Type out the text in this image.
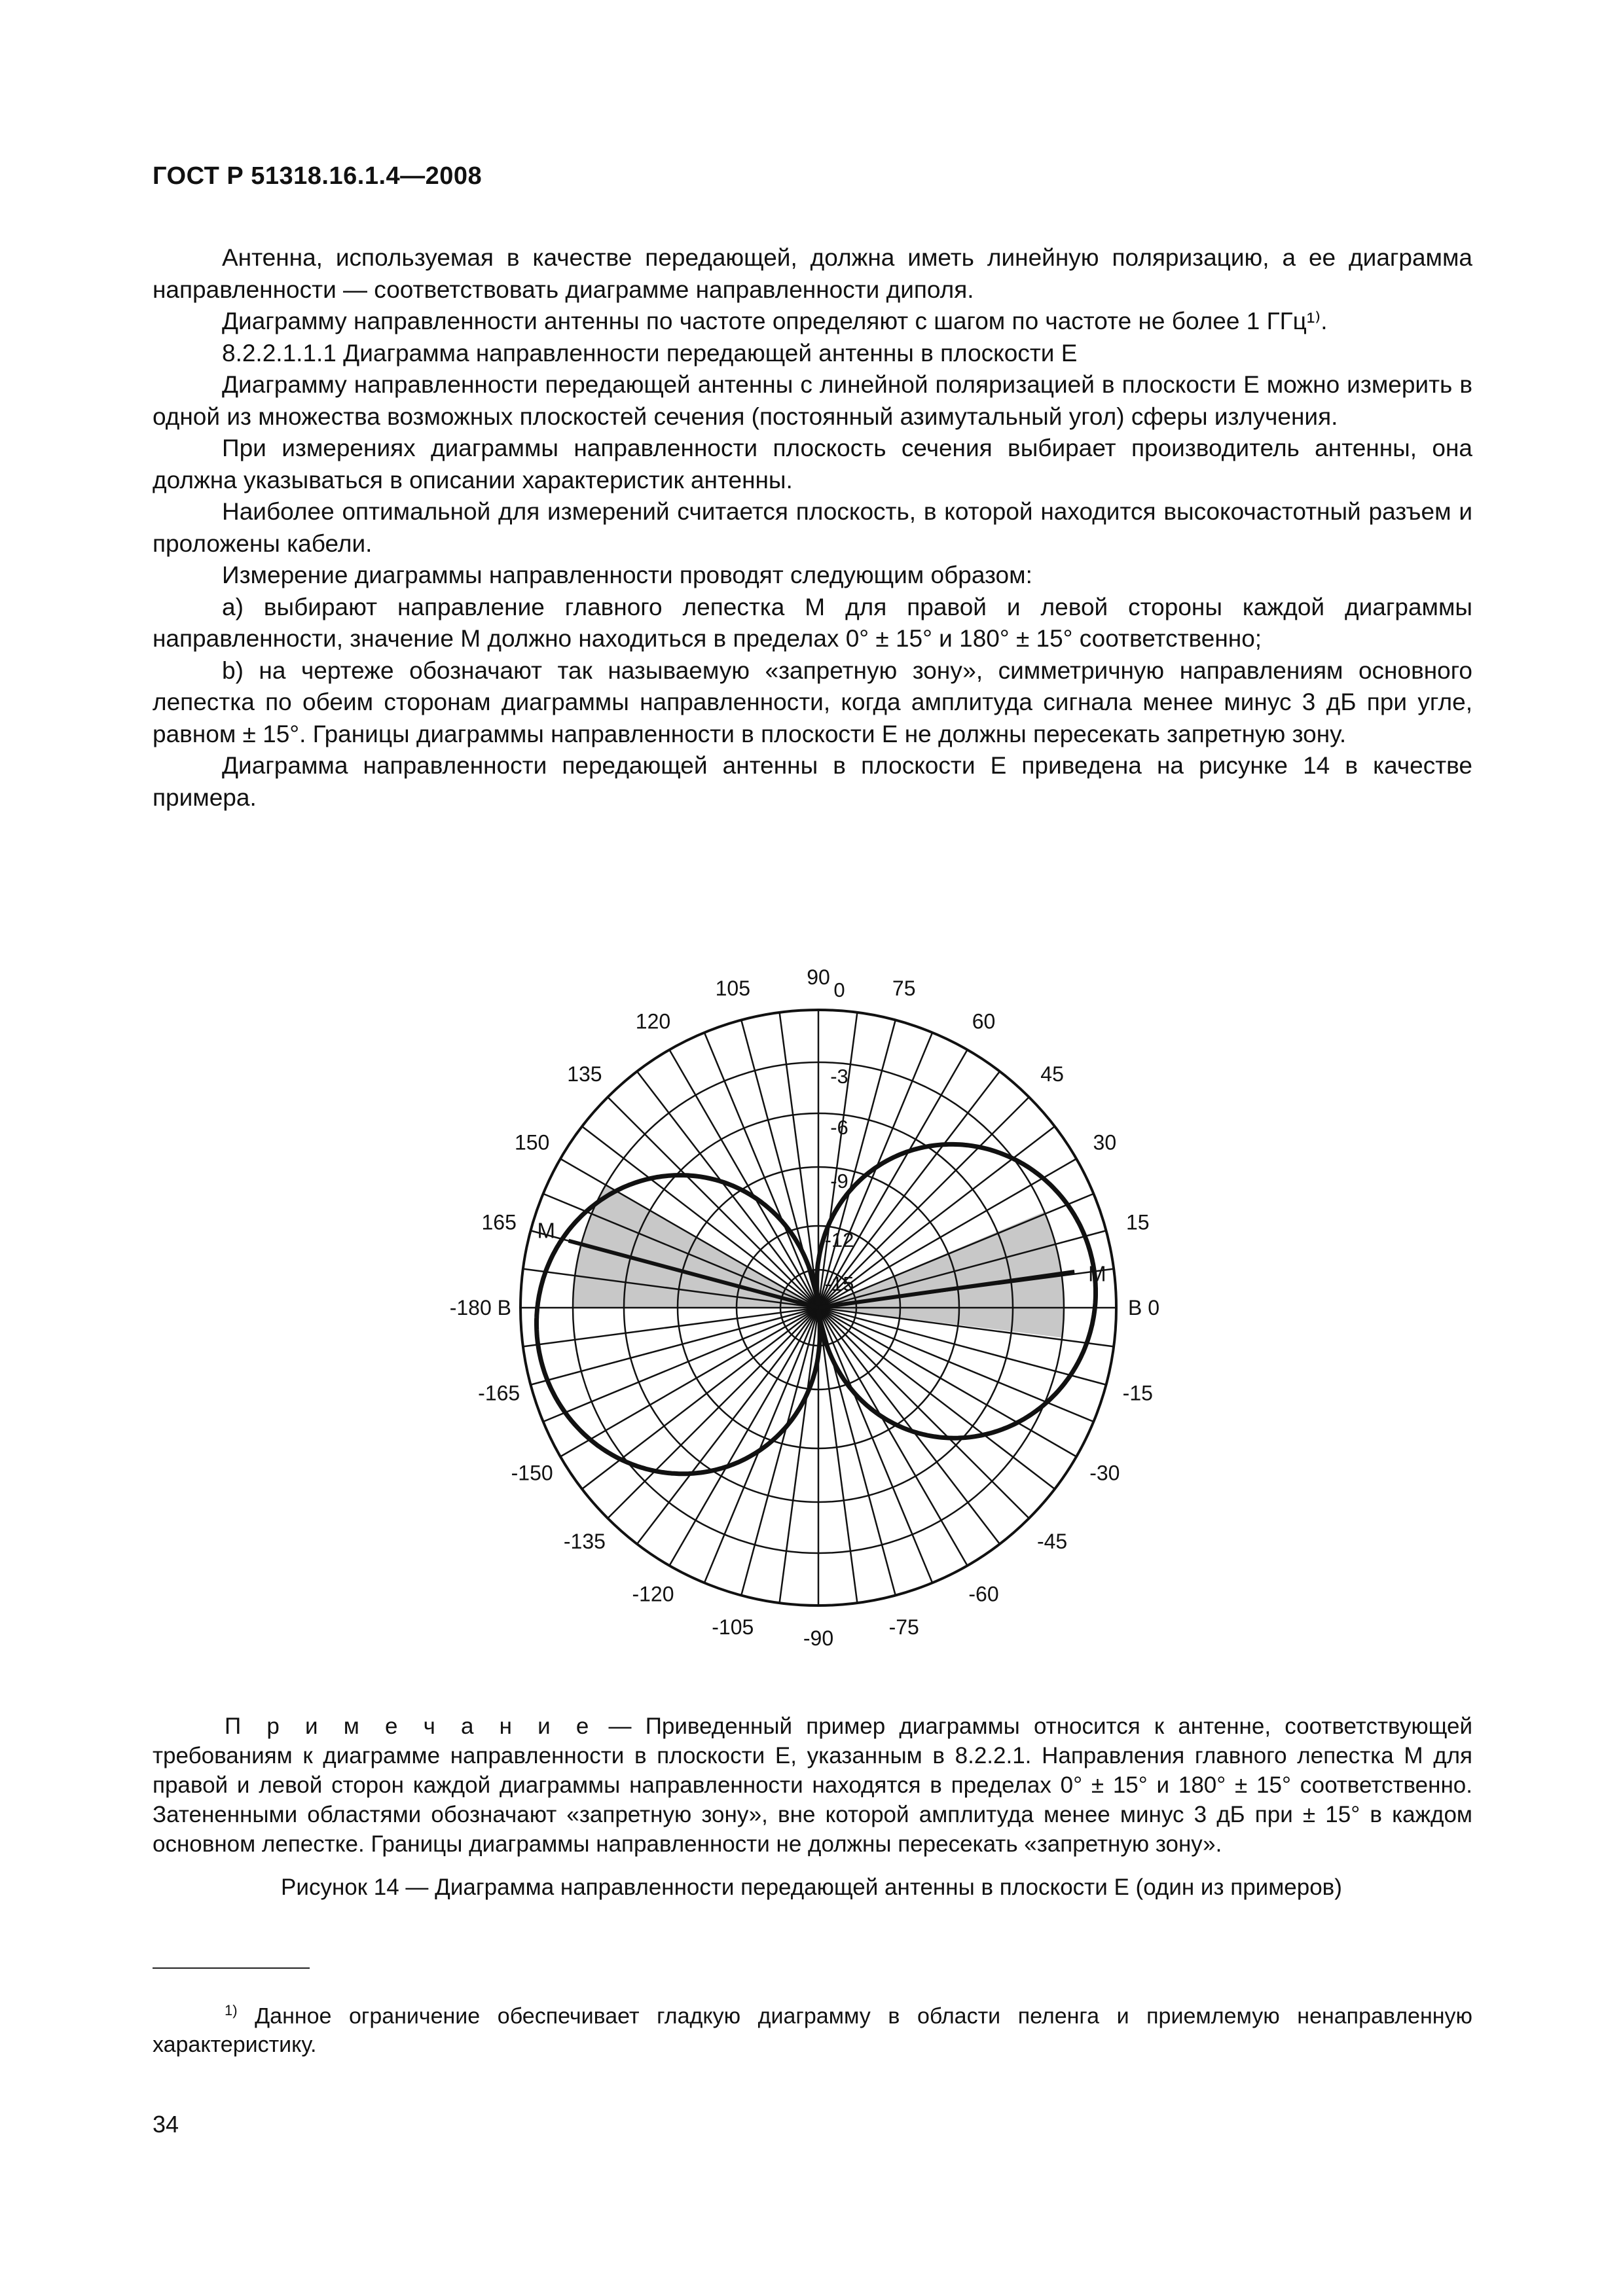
ГОСТ Р 51318.16.1.4—2008

Антенна, используемая в качестве передающей, должна иметь линейную поляризацию, а ее диаграмма направленности — соответствовать диаграмме направленности диполя.

Диаграмму направленности антенны по частоте определяют с шагом по частоте не более 1 ГГц¹⁾.

8.2.2.1.1.1 Диаграмма направленности передающей антенны в плоскости E

Диаграмму направленности передающей антенны с линейной поляризацией в плоскости E можно измерить в одной из множества возможных плоскостей сечения (постоянный азимутальный угол) сферы излучения.

При измерениях диаграммы направленности плоскость сечения выбирает производитель антенны, она должна указываться в описании характеристик антенны.

Наиболее оптимальной для измерений считается плоскость, в которой находится высокочастотный разъем и проложены кабели.

Измерение диаграммы направленности проводят следующим образом:

a) выбирают направление главного лепестка M для правой и левой стороны каждой диаграммы направленности, значение M должно находиться в пределах 0° ± 15° и 180° ± 15° соответственно;

b) на чертеже обозначают так называемую «запретную зону», симметричную направлениям основного лепестка по обеим сторонам диаграммы направленности, когда амплитуда сигнала менее минус 3 дБ при угле, равном ± 15°. Границы диаграммы направленности в плоскости E не должны пересекать запретную зону.

Диаграмма направленности передающей антенны в плоскости E приведена на рисунке 14 в качестве примера.

M
M	15
30
45
60
75
90
105
120
135
150
165
-165
-150
-135
-120
-105 -90	-75
-60
-45
-30
-15
В 0
-180 В
0
-3
-6
-9
-12
-15

П р и м е ч а н и е — Приведенный пример диаграммы относится к антенне, соответствующей требованиям к диаграмме направленности в плоскости E, указанным в 8.2.2.1. Направления главного лепестка M для правой и левой сторон каждой диаграммы направленности находятся в пределах 0° ± 15° и 180° ± 15° соответственно. Затененными областями обозначают «запретную зону», вне которой амплитуда менее минус 3 дБ при ± 15° в каждом основном лепестке. Границы диаграммы направленности не должны пересекать «запретную зону».

Рисунок 14 — Диаграмма направленности передающей антенны в плоскости E (один из примеров)

$^{1)}$ Данное ограничение обеспечивает гладкую диаграмму в области пеленга и приемлемую ненаправленную характеристику.

34
